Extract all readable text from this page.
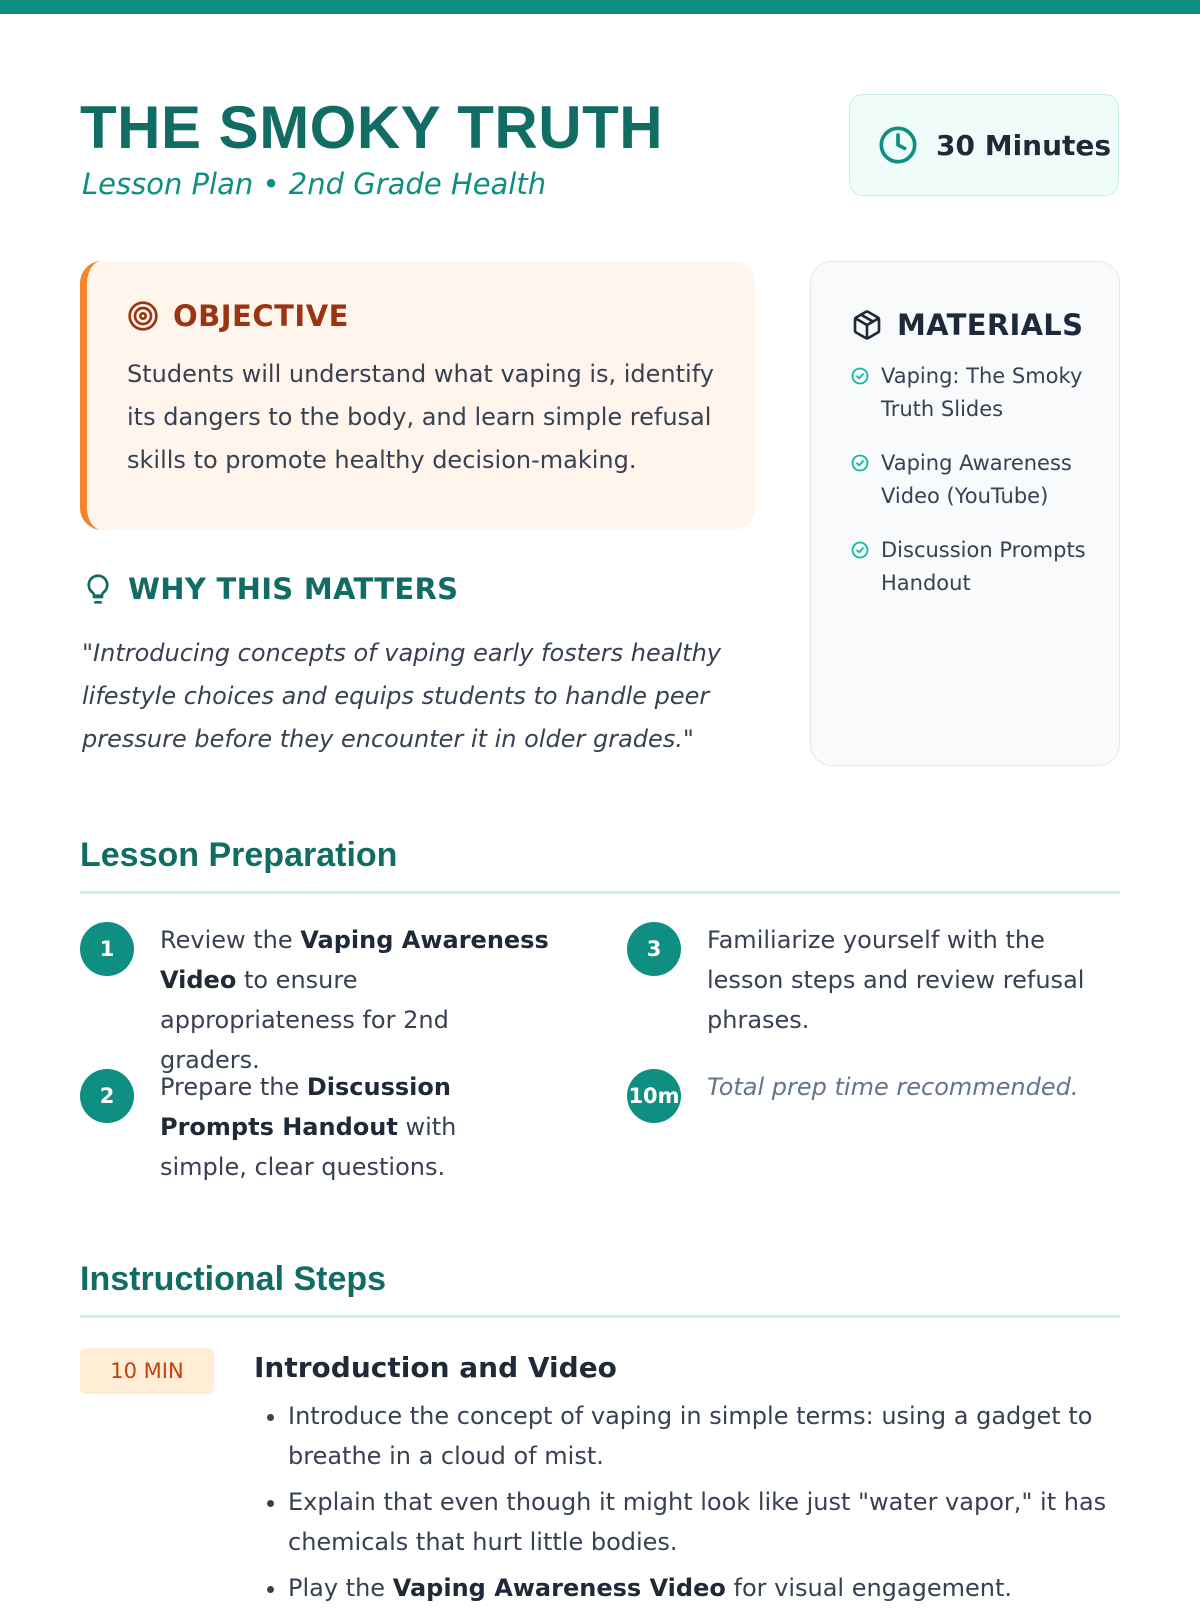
THE SMOKY TRUTH
Lesson Plan • 2nd Grade Health
30 Minutes
OBJECTIVE
Students will understand what vaping is, identify its dangers to the body, and learn simple refusal skills to promote healthy decision-making.
WHY THIS MATTERS
"Introducing concepts of vaping early fosters healthy lifestyle choices and equips students to handle peer pressure before they encounter it in older grades."
MATERIALS
Vaping: The Smoky Truth Slides
Vaping Awareness Video (YouTube)
Discussion Prompts Handout
Lesson Preparation
1	Review the Vaping Awareness Video to ensure appropriateness for 2nd graders.
2	Prepare the Discussion Prompts Handout with simple, clear questions.
3	Familiarize yourself with the lesson steps and review refusal phrases.
10m Total prep time recommended.
Instructional Steps
10 MIN	Introduction and Video
• Introduce the concept of vaping in simple terms: using a gadget to breathe in a cloud of mist.
• Explain that even though it might look like just "water vapor," it has chemicals that hurt little bodies.
• Play the Vaping Awareness Video for visual engagement.
